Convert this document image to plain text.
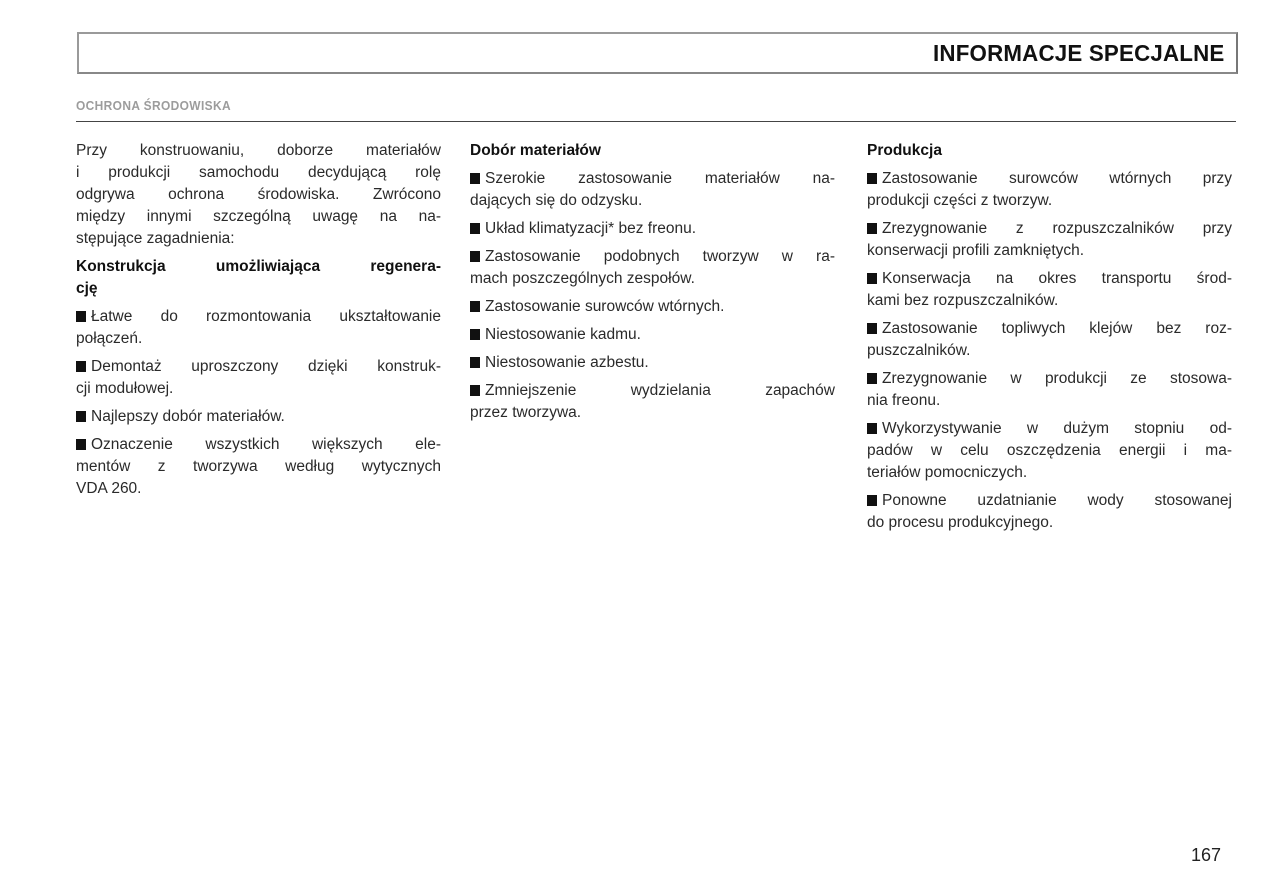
INFORMACJE SPECJALNE
OCHRONA ŚRODOWISKA
Przy konstruowaniu, doborze materiałów
i produkcji samochodu decydującą rolę
odgrywa ochrona środowiska. Zwrócono
między innymi szczególną uwagę na na-
stępujące zagadnienia:
Konstrukcja umożliwiająca regenera-
cję
Łatwe do rozmontowania ukształtowanie
połączeń.
Demontaż uproszczony dzięki konstruk-
cji modułowej.
Najlepszy dobór materiałów.
Oznaczenie wszystkich większych ele-
mentów z tworzywa według wytycznych
VDA 260.
Dobór materiałów
Szerokie zastosowanie materiałów na-
dających się do odzysku.
Układ klimatyzacji* bez freonu.
Zastosowanie podobnych tworzyw w ra-
mach poszczególnych zespołów.
Zastosowanie surowców wtórnych.
Niestosowanie kadmu.
Niestosowanie azbestu.
Zmniejszenie wydzielania zapachów
przez tworzywa.
Produkcja
Zastosowanie surowców wtórnych przy
produkcji części z tworzyw.
Zrezygnowanie z rozpuszczalników przy
konserwacji profili zamkniętych.
Konserwacja na okres transportu środ-
kami bez rozpuszczalników.
Zastosowanie topliwych klejów bez roz-
puszczalników.
Zrezygnowanie w produkcji ze stosowa-
nia freonu.
Wykorzystywanie w dużym stopniu od-
padów w celu oszczędzenia energii i ma-
teriałów pomocniczych.
Ponowne uzdatnianie wody stosowanej
do procesu produkcyjnego.
167
